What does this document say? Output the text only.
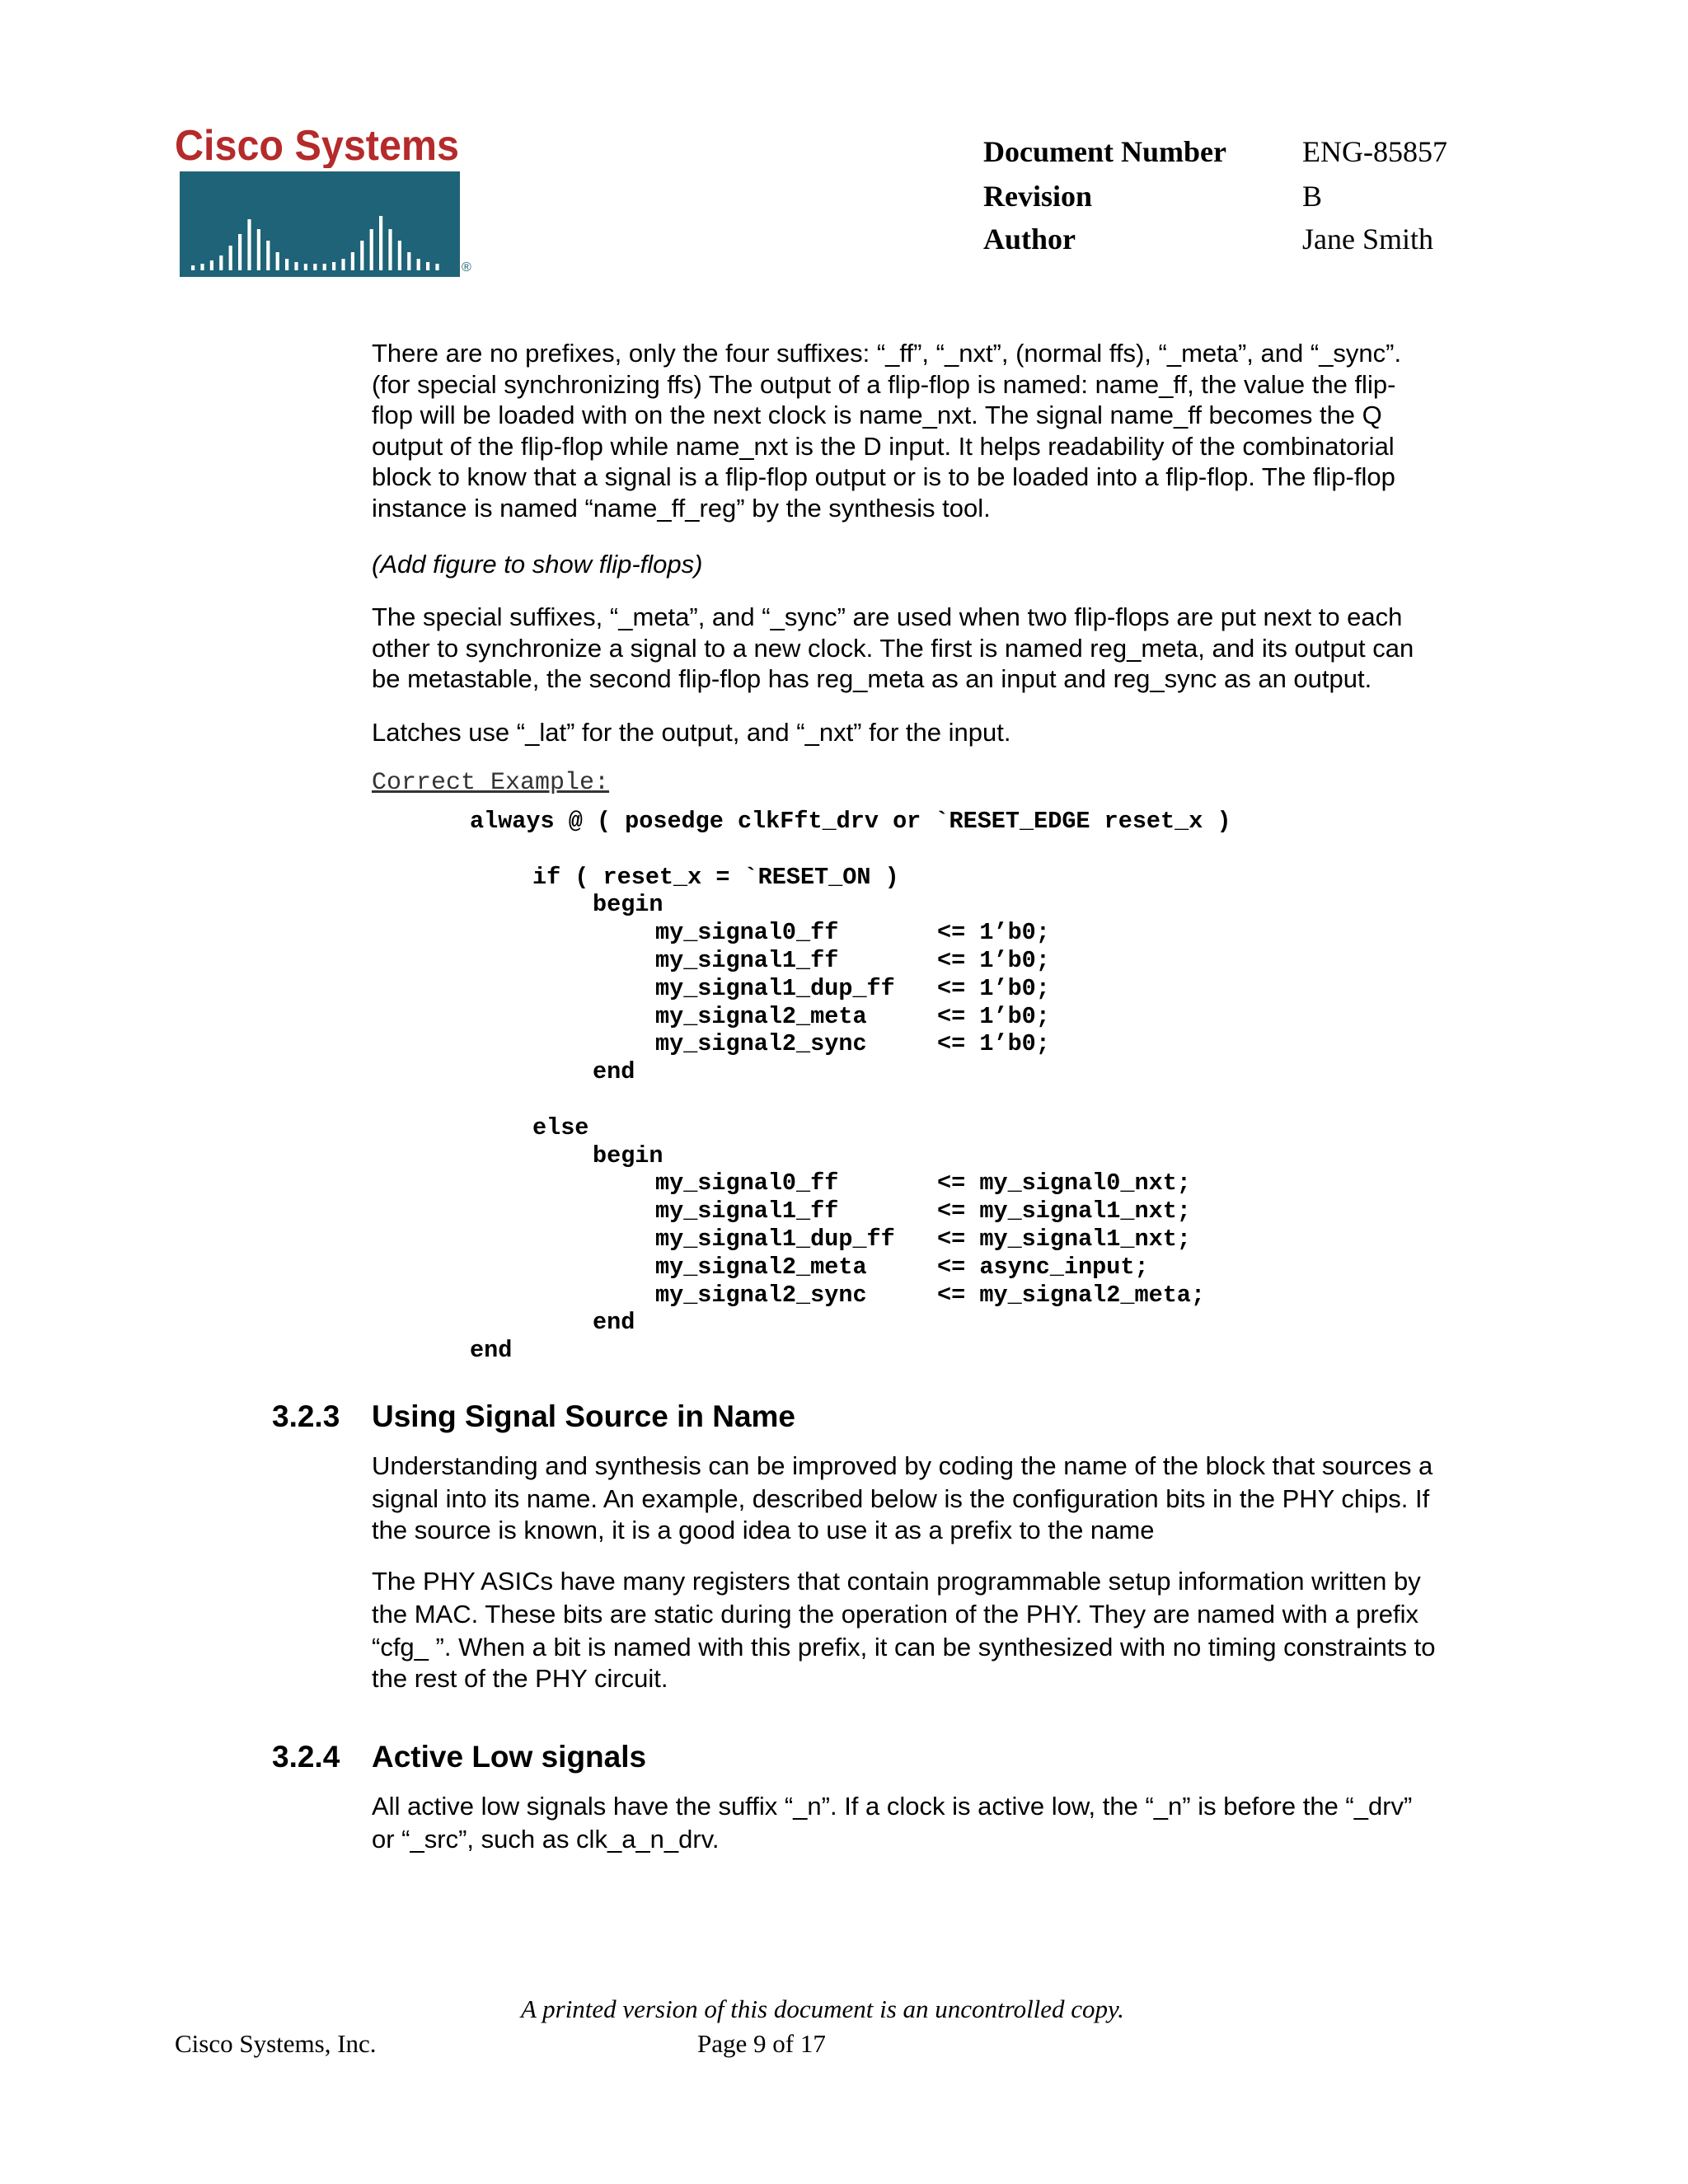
Cisco Systems
®
Document Number	ENG-85857
Revision	B
Author	Jane Smith
There are no prefixes, only the four suffixes: “_ff”, “_nxt”, (normal ffs), “_meta”, and “_sync”.
(for special synchronizing ffs) The output of a flip-flop is named: name_ff, the value the flip-
flop will be loaded with on the next clock is name_nxt. The signal name_ff becomes the Q
output of the flip-flop while name_nxt is the D input. It helps readability of the combinatorial
block to know that a signal is a flip-flop output or is to be loaded into a flip-flop. The flip-flop
instance is named “name_ff_reg” by the synthesis tool.
(Add figure to show flip-flops)
The special suffixes, “_meta”, and “_sync” are used when two flip-flops are put next to each
other to synchronize a signal to a new clock. The first is named reg_meta, and its output can
be metastable, the second flip-flop has reg_meta as an input and reg_sync as an output.
Latches use “_lat” for the output, and “_nxt” for the input.
Correct Example:
always @ ( posedge clkFft_drv or `RESET_EDGE reset_x )
if ( reset_x = `RESET_ON )
begin
my_signal0_ff       <= 1’b0;
my_signal1_ff       <= 1’b0;
my_signal1_dup_ff   <= 1’b0;
my_signal2_meta     <= 1’b0;
my_signal2_sync     <= 1’b0;
end
else
begin
my_signal0_ff       <= my_signal0_nxt;
my_signal1_ff       <= my_signal1_nxt;
my_signal1_dup_ff   <= my_signal1_nxt;
my_signal2_meta     <= async_input;
my_signal2_sync     <= my_signal2_meta;
end
end
3.2.3 Using Signal Source in Name
Understanding and synthesis can be improved by coding the name of the block that sources a
signal into its name. An example, described below is the configuration bits in the PHY chips. If
the source is known, it is a good idea to use it as a prefix to the name
The PHY ASICs have many registers that contain programmable setup information written by
the MAC. These bits are static during the operation of the PHY. They are named with a prefix
“cfg_ ”. When a bit is named with this prefix, it can be synthesized with no timing constraints to
the rest of the PHY circuit.
3.2.4 Active Low signals
All active low signals have the suffix “_n”. If a clock is active low, the “_n” is before the “_drv”
or “_src”, such as clk_a_n_drv.
A printed version of this document is an uncontrolled copy.
Cisco Systems, Inc.	Page 9 of 17
